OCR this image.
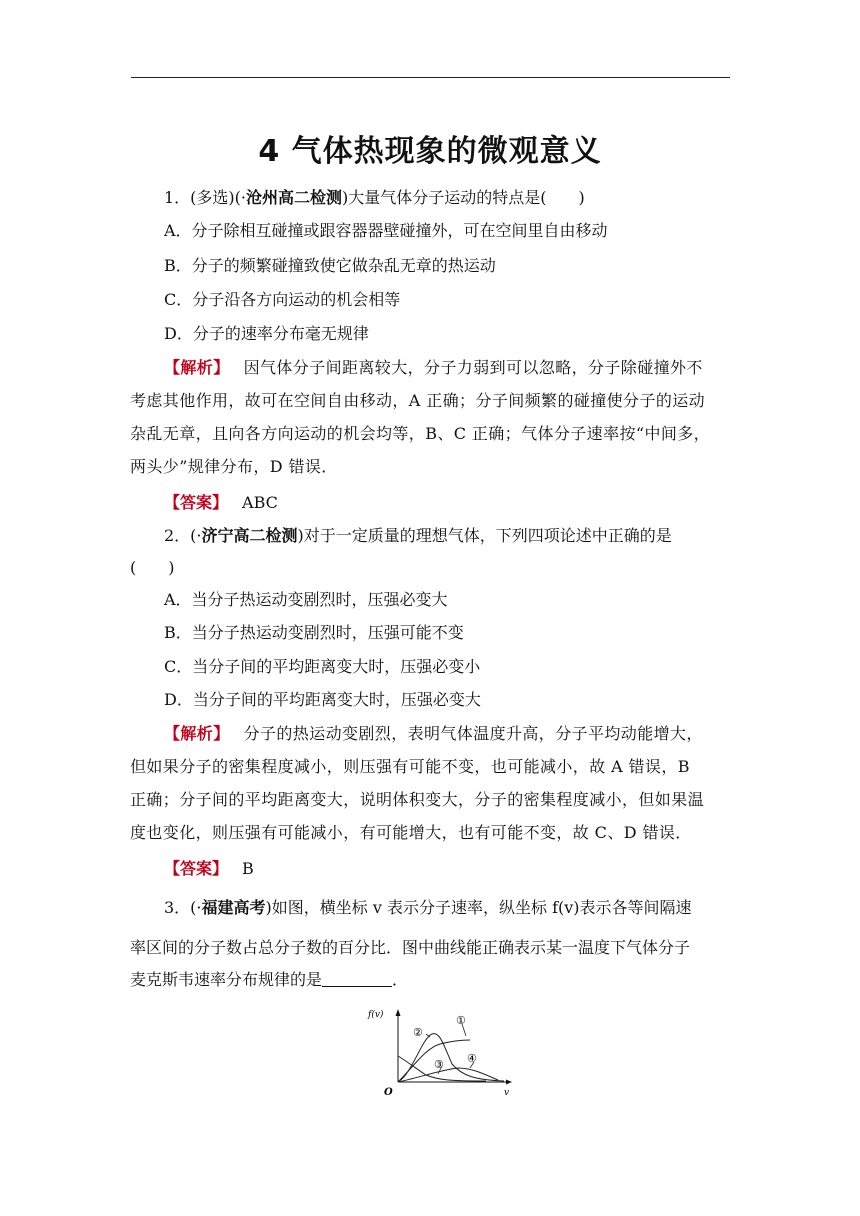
4 气体热现象的微观意义
1．(多选)(·沧州高二检测)大量气体分子运动的特点是(　　)
A．分子除相互碰撞或跟容器器壁碰撞外，可在空间里自由移动
B．分子的频繁碰撞致使它做杂乱无章的热运动
C．分子沿各方向运动的机会相等
D．分子的速率分布毫无规律
【解析】 因气体分子间距离较大，分子力弱到可以忽略，分子除碰撞外不
考虑其他作用，故可在空间自由移动，A 正确；分子间频繁的碰撞使分子的运动
杂乱无章，且向各方向运动的机会均等，B、C 正确；气体分子速率按“中间多，
两头少”规律分布，D 错误．
【答案】 ABC
2．(·济宁高二检测)对于一定质量的理想气体，下列四项论述中正确的是
(　　)
A．当分子热运动变剧烈时，压强必变大
B．当分子热运动变剧烈时，压强可能不变
C．当分子间的平均距离变大时，压强必变小
D．当分子间的平均距离变大时，压强必变大
【解析】 分子的热运动变剧烈，表明气体温度升高，分子平均动能增大，
但如果分子的密集程度减小，则压强有可能不变，也可能减小，故 A 错误，B
正确；分子间的平均距离变大，说明体积变大，分子的密集程度减小，但如果温
度也变化，则压强有可能减小，有可能增大，也有可能不变，故 C、D 错误．
【答案】 B
3．(·福建高考)如图，横坐标 v 表示分子速率，纵坐标 f(v)表示各等间隔速
率区间的分子数占总分子数的百分比．图中曲线能正确表示某一温度下气体分子
麦克斯韦速率分布规律的是	．
f(v)
v
O
①
②
③ ④
